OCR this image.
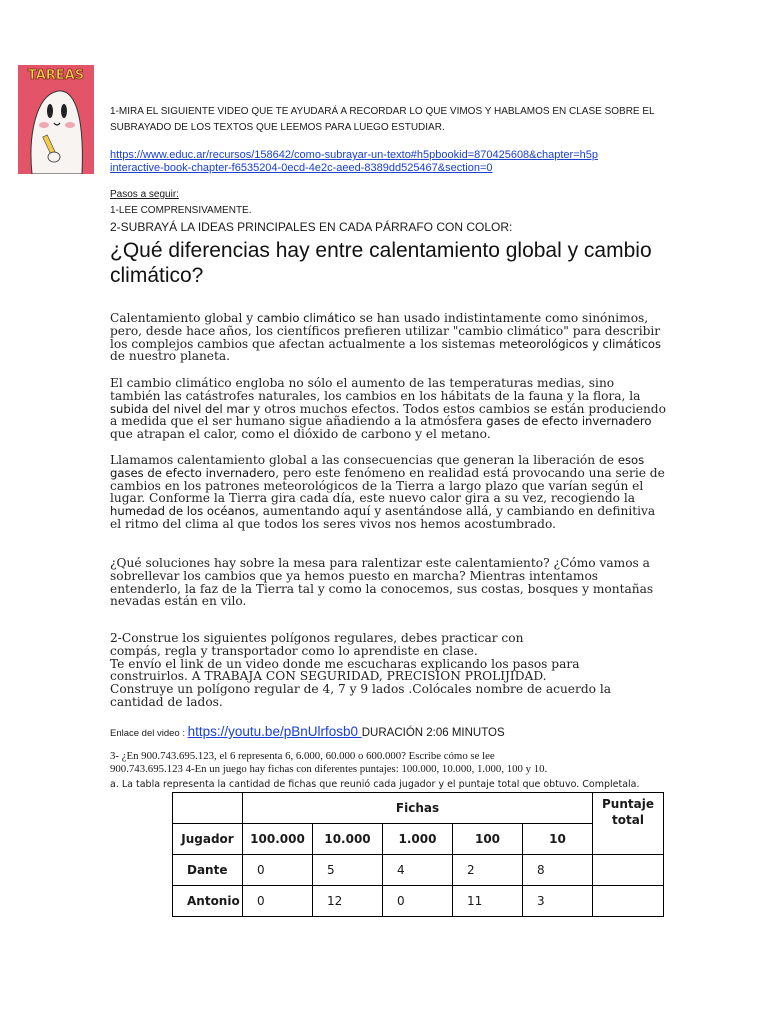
TAREAS
1-MIRA EL SIGUIENTE VIDEO QUE TE AYUDARÁ A RECORDAR LO QUE VIMOS Y HABLAMOS EN CLASE SOBRE EL
SUBRAYADO DE LOS TEXTOS QUE LEEMOS PARA LUEGO ESTUDIAR.
https://www.educ.ar/recursos/158642/como-subrayar-un-texto#h5pbookid=870425608&chapter=h5p
interactive-book-chapter-f6535204-0ecd-4e2c-aeed-8389dd525467&section=0
Pasos a seguir:
1-LEE COMPRENSIVAMENTE.
2-SUBRAYÁ LA IDEAS PRINCIPALES EN CADA PÁRRAFO CON COLOR:
¿Qué diferencias hay entre calentamiento global y cambio climático?
Calentamiento global y cambio climático se han usado indistintamente como sinónimos, pero, desde hace años, los científicos prefieren utilizar "cambio climático" para describir los complejos cambios que afectan actualmente a los sistemas meteorológicos y climáticos de nuestro planeta.
El cambio climático engloba no sólo el aumento de las temperaturas medias, sino también las catástrofes naturales, los cambios en los hábitats de la fauna y la flora, la subida del nivel del mar y otros muchos efectos. Todos estos cambios se están produciendo a medida que el ser humano sigue añadiendo a la atmósfera gases de efecto invernadero que atrapan el calor, como el dióxido de carbono y el metano.
Llamamos calentamiento global a las consecuencias que generan la liberación de esos gases de efecto invernadero, pero este fenómeno en realidad está provocando una serie de cambios en los patrones meteorológicos de la Tierra a largo plazo que varían según el lugar. Conforme la Tierra gira cada día, este nuevo calor gira a su vez, recogiendo la humedad de los océanos, aumentando aquí y asentándose allá, y cambiando en definitiva el ritmo del clima al que todos los seres vivos nos hemos acostumbrado.
¿Qué soluciones hay sobre la mesa para ralentizar este calentamiento? ¿Cómo vamos a sobrellevar los cambios que ya hemos puesto en marcha? Mientras intentamos entenderlo, la faz de la Tierra tal y como la conocemos, sus costas, bosques y montañas nevadas están en vilo.
2-Construe los siguientes polígonos regulares, debes practicar con
compás, regla y transportador como lo aprendiste en clase.
Te envío el link de un video donde me escucharas explicando los pasos para
construirlos. A TRABAJA CON SEGURIDAD, PRECISION PROLIJIDAD.
Construye un polígono regular de 4, 7 y 9 lados .Colócales nombre de acuerdo la
cantidad de lados.
Enlace del video : https://youtu.be/pBnUlrfosb0 DURACIÓN 2:06 MINUTOS
3- ¿En 900.743.695.123, el 6 representa 6, 6.000, 60.000 o 600.000? Escribe cómo se lee
900.743.695.123 4-En un juego hay fichas con diferentes puntajes: 100.000, 10.000, 1.000, 100 y 10.
a. La tabla representa la cantidad de fichas que reunió cada jugador y el puntaje total que obtuvo. Completala.
	Fichas					Puntaje
total

Jugador	100.000	10.000	1.000	100	10	
Dante	0	5	4	2	8	
Antonio	0	12	0	11	3	
